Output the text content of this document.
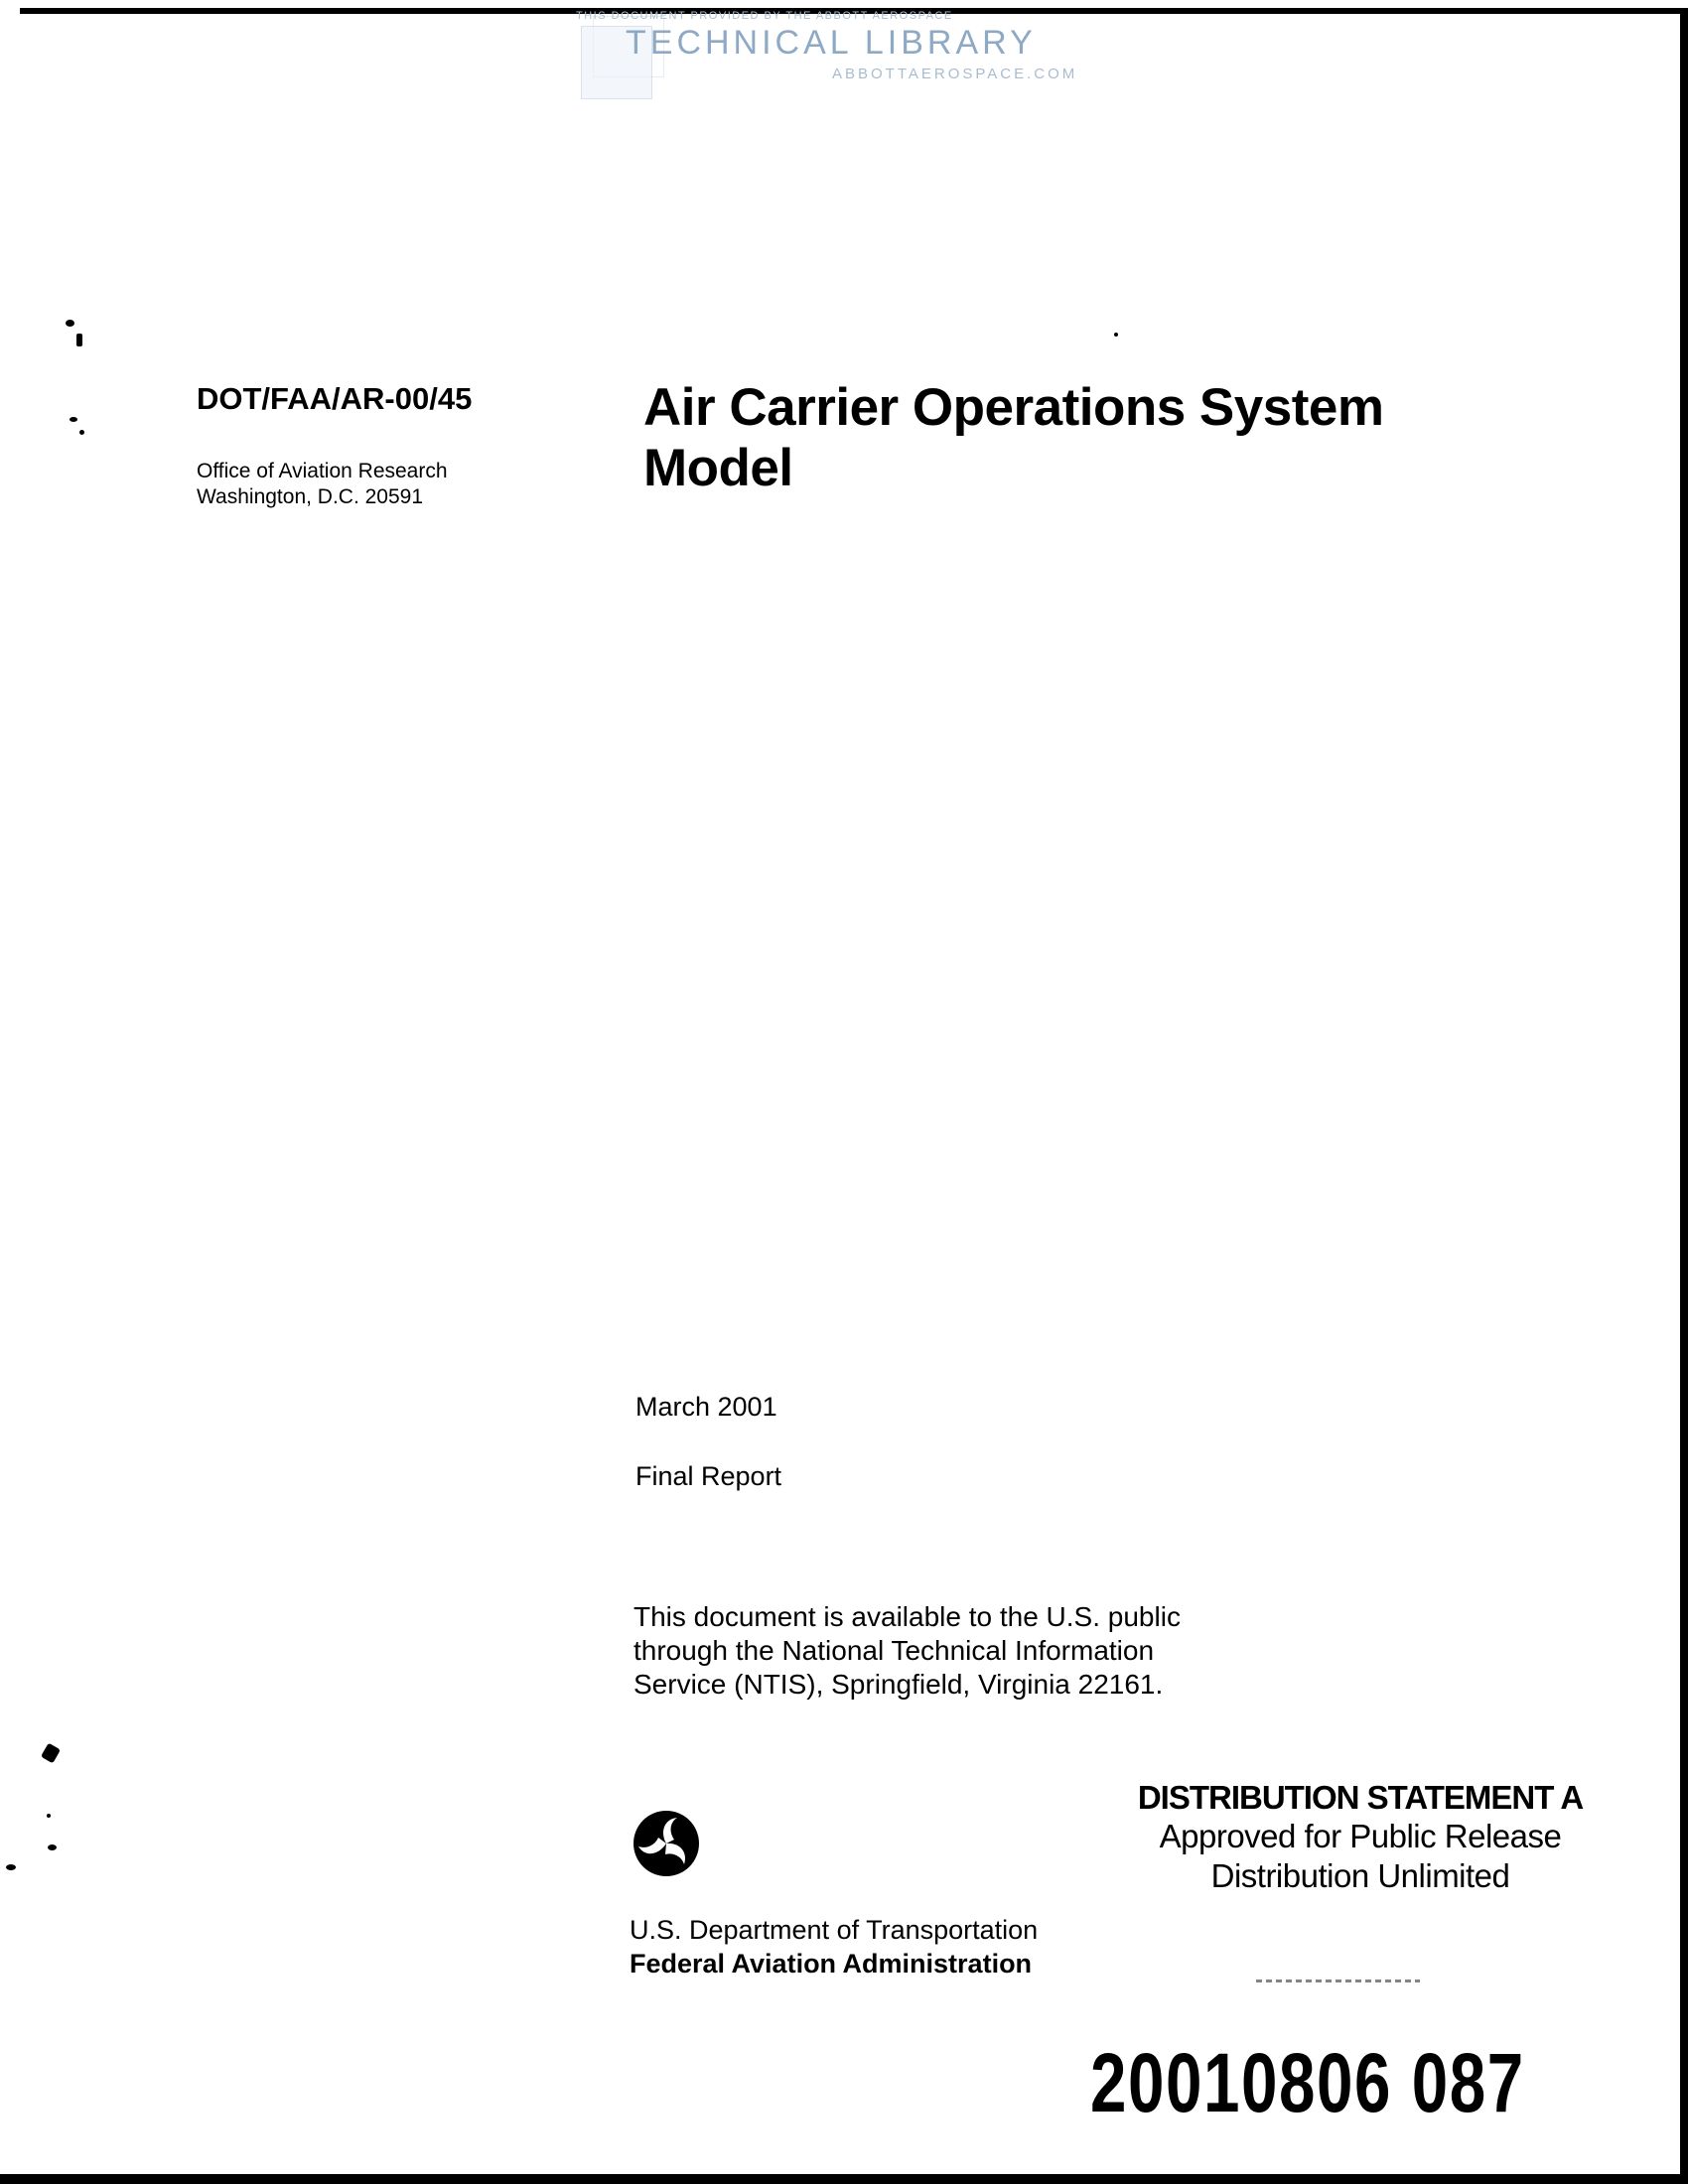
THIS DOCUMENT PROVIDED BY THE ABBOTT AEROSPACE
TECHNICAL LIBRARY
ABBOTTAEROSPACE.COM
DOT/FAA/AR-00/45
Office of Aviation Research
Washington, D.C. 20591
Air Carrier Operations System
Model
March 2001
Final Report
This document is available to the U.S. public
through the National Technical Information
Service (NTIS), Springfield, Virginia 22161.
DISTRIBUTION STATEMENT A
Approved for Public Release
Distribution Unlimited
U.S. Department of Transportation
Federal Aviation Administration
20010806 087
